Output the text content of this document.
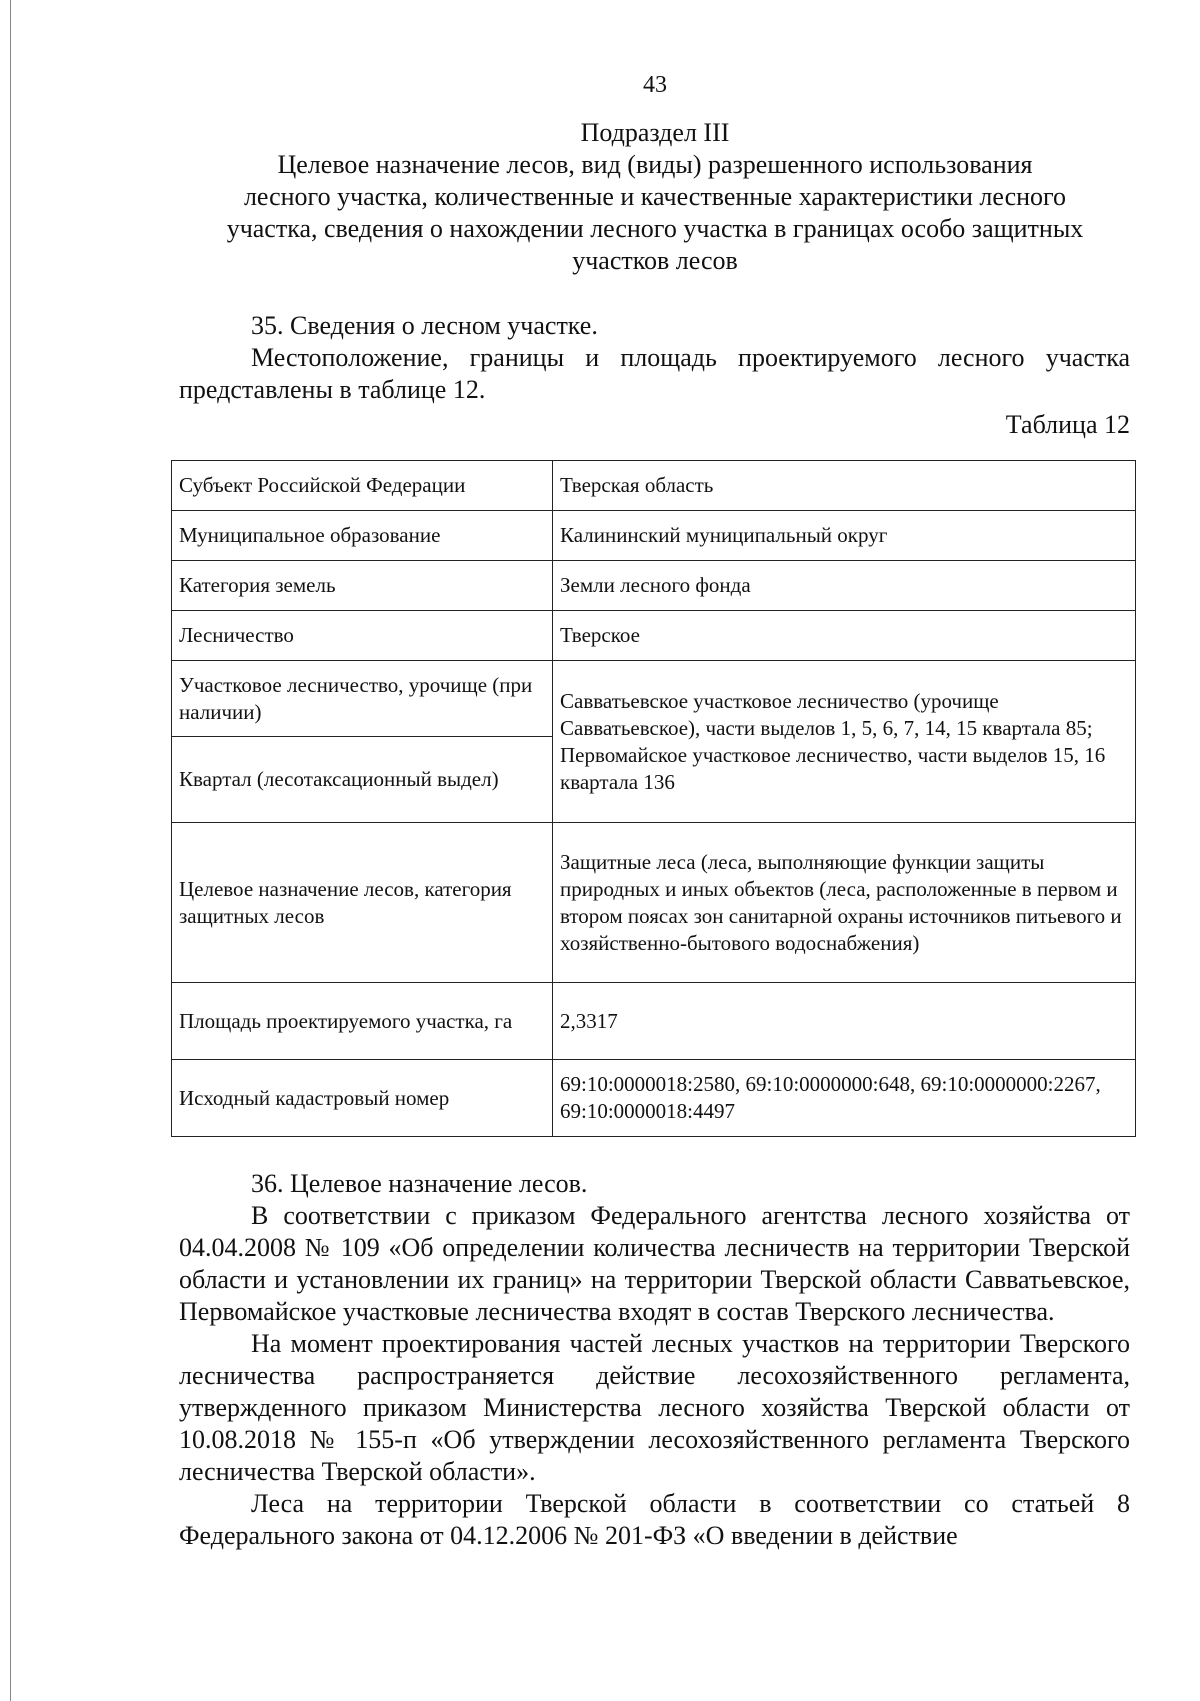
43
Подраздел III
Целевое назначение лесов, вид (виды) разрешенного использования
лесного участка, количественные и качественные характеристики лесного
участка, сведения о нахождении лесного участка в границах особо защитных
участков лесов

35. Сведения о лесном участке.

Местоположение, границы и площадь проектируемого лесного участка представлены в таблице 12.

Таблица 12
Субъект Российской Федерации	Тверская область
Муниципальное образование	Калининский муниципальный округ
Категория земель	Земли лесного фонда
Лесничество	Тверское
Участковое лесничество, урочище (при наличии)	Савватьевское участковое лесничество (урочище Савватьевское), части выделов 1, 5, 6, 7, 14, 15 квартала 85; Первомайское участковое лесничество, части выделов 15, 16 квартала 136
Квартал (лесотаксационный выдел)	
Целевое назначение лесов, категория защитных лесов	Защитные леса (леса, выполняющие функции защиты природных и иных объектов (леса, расположенные в первом и втором поясах зон санитарной охраны источников питьевого и хозяйственно-бытового водоснабжения)
Площадь проектируемого участка, га	2,3317
Исходный кадастровый номер	69:10:0000018:2580, 69:10:0000000:648, 69:10:0000000:2267, 69:10:0000018:4497

36. Целевое назначение лесов.

В соответствии с приказом Федерального агентства лесного хозяйства от 04.04.2008 № 109 «Об определении количества лесничеств на территории Тверской области и установлении их границ» на территории Тверской области Савватьевское, Первомайское участковые лесничества входят в состав Тверского лесничества.

На момент проектирования частей лесных участков на территории Тверского лесничества распространяется действие лесохозяйственного регламента, утвержденного приказом Министерства лесного хозяйства Тверской области от 10.08.2018 № 155-п «Об утверждении лесохозяйственного регламента Тверского лесничества Тверской области».

Леса на территории Тверской области в соответствии со статьей 8 Федерального закона от 04.12.2006 № 201-ФЗ «О введении в действие
